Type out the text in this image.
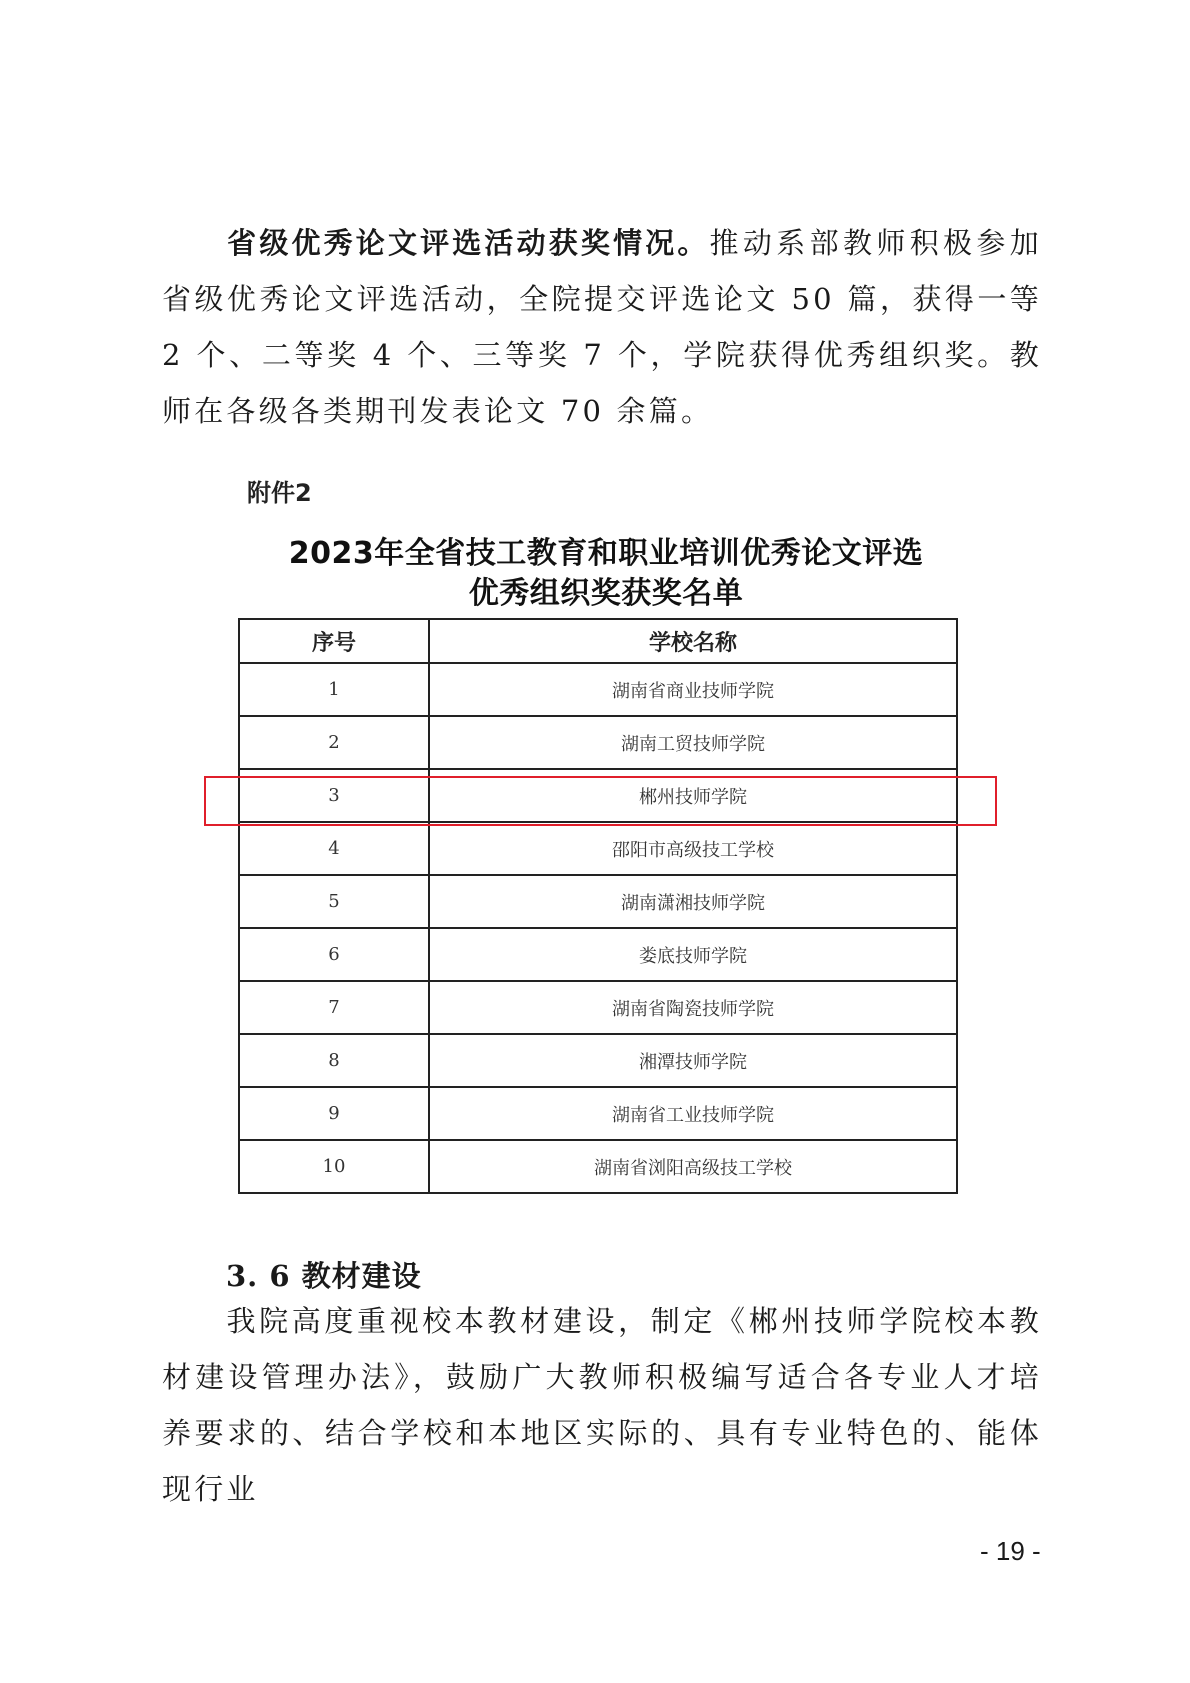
省级优秀论文评选活动获奖情况。推动系部教师积极参加省级优秀论文评选活动，全院提交评选论文 50 篇，获得一等 2 个、二等奖 4 个、三等奖 7 个，学院获得优秀组织奖。教师在各级各类期刊发表论文 70 余篇。

附件2
2023年全省技工教育和职业培训优秀论文评选
优秀组织奖获奖名单
序号	学校名称
1	湖南省商业技师学院
2	湖南工贸技师学院
3	郴州技师学院
4	邵阳市高级技工学校
5	湖南潇湘技师学院
6	娄底技师学院
7	湖南省陶瓷技师学院
8	湘潭技师学院
9	湖南省工业技师学院
10	湖南省浏阳高级技工学校
3. 6 教材建设

我院高度重视校本教材建设，制定《郴州技师学院校本教材建设管理办法》，鼓励广大教师积极编写适合各专业人才培养要求的、结合学校和本地区实际的、具有专业特色的、能体现行业

- 19 -
